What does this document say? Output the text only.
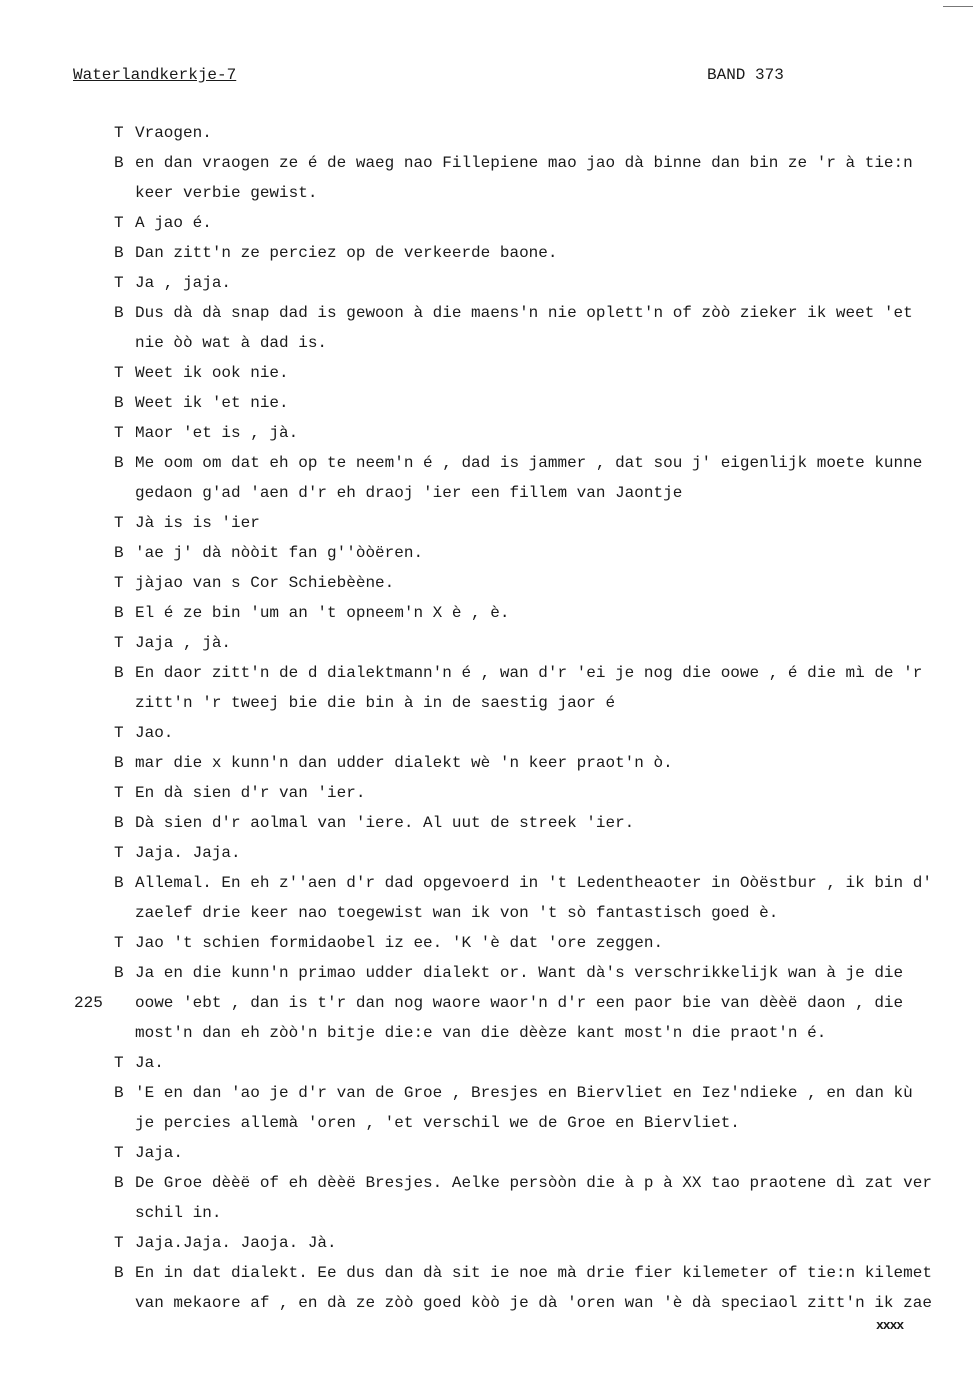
Waterlandkerkje-7	BAND 373
T Vraogen.
B en dan vraogen ze é de waeg nao Fillepiene mao jao dà binne dan bin ze 'r à tie:n
keer verbie gewist.
T A jao é.
B Dan zitt'n ze perciez op de verkeerde baone.
T Ja , jaja.
B Dus dà dà snap dad is gewoon à die maens'n nie oplett'n of zòò zieker ik weet 'et
nie òò wat à dad is.
T Weet ik ook nie.
B Weet ik 'et nie.
T Maor 'et is , jà.
B Me oom om dat eh op te neem'n é , dad is jammer , dat sou j' eigenlijk moete kunne
gedaon g'ad 'aen d'r eh draoj 'ier een fillem van Jaontje
T Jà is is 'ier
B 'ae j' dà nòòit fan g''òòëren.
T jàjao van s Cor Schiebèène.
B El é ze bin 'um an 't opneem'n X è , è.
T Jaja , jà.
B En daor zitt'n de d dialektmann'n é , wan d'r 'ei je nog die oowe , é die mì de 'r
zitt'n 'r tweej bie die bin à in de saestig jaor é
T Jao.
B mar die x kunn'n dan udder dialekt wè 'n keer praot'n ò.
T En dà sien d'r van 'ier.
B Dà sien d'r aolmal van 'iere. Al uut de streek 'ier.
T Jaja. Jaja.
B Allemal. En eh z''aen d'r dad opgevoerd in 't Ledentheaoter in Oòëstbur , ik bin d'
zaelef drie keer nao toegewist wan ik von 't sò fantastisch goed è.
T Jao 't schien formidaobel iz ee. 'K 'è dat 'ore zeggen.
B Ja en die kunn'n primao udder dialekt or. Want dà's verschrikkelijk wan à je die
225 oowe 'ebt , dan is t'r dan nog waore waor'n d'r een paor bie van dèèë daon , die
most'n dan eh zòò'n bitje die:e van die dèèze kant most'n die praot'n é.
T Ja.
B 'E en dan 'ao je d'r van de Groe , Bresjes en Biervliet en Iez'ndieke , en dan kù
je percies allemà 'oren , 'et verschil we de Groe en Biervliet.
T Jaja.
B De Groe dèèë of eh dèèë Bresjes. Aelke persòòn die à p à XX tao praotene dì zat ver
schil in.
T Jaja.Jaja. Jaoja. Jà.
B En in dat dialekt. Ee dus dan dà sit ie noe mà drie fier kilemeter of tie:n kilemet
van mekaore af , en dà ze zòò goed kòò je dà 'oren wan 'è dà speciaol zitt'n ik zae
xxxx
